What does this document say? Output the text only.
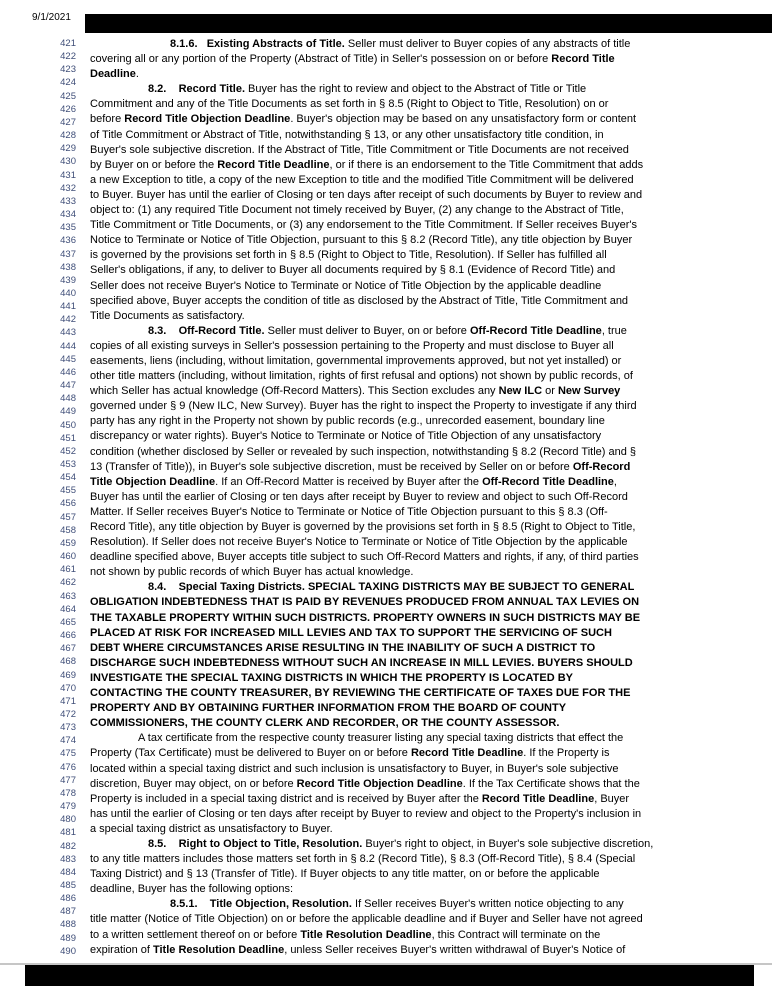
9/1/2021
421
422
423
424
425
426
427
428
429
430
431
432
433
434
435
436
437
438
439
440
441
442
443
444
445
446
447
448
449
450
451
452
453
454
455
456
457
458
459
460
461
462
463
464
465
466
467
468
469
470
471
472
473
474
475
476
477
478
479
480
481
482
483
484
485
486
487
488
489
490
8.1.6.   Existing Abstracts of Title. Seller must deliver to Buyer copies of any abstracts of title
covering all or any portion of the Property (Abstract of Title) in Seller's possession on or before Record Title
Deadline.
8.2.    Record Title. Buyer has the right to review and object to the Abstract of Title or Title
Commitment and any of the Title Documents as set forth in § 8.5 (Right to Object to Title, Resolution) on or
before Record Title Objection Deadline. Buyer's objection may be based on any unsatisfactory form or content
of Title Commitment or Abstract of Title, notwithstanding § 13, or any other unsatisfactory title condition, in
Buyer's sole subjective discretion. If the Abstract of Title, Title Commitment or Title Documents are not received
by Buyer on or before the Record Title Deadline, or if there is an endorsement to the Title Commitment that adds
a new Exception to title, a copy of the new Exception to title and the modified Title Commitment will be delivered
to Buyer. Buyer has until the earlier of Closing or ten days after receipt of such documents by Buyer to review and
object to: (1) any required Title Document not timely received by Buyer, (2) any change to the Abstract of Title,
Title Commitment or Title Documents, or (3) any endorsement to the Title Commitment. If Seller receives Buyer's
Notice to Terminate or Notice of Title Objection, pursuant to this § 8.2 (Record Title), any title objection by Buyer
is governed by the provisions set forth in § 8.5 (Right to Object to Title, Resolution). If Seller has fulfilled all
Seller's obligations, if any, to deliver to Buyer all documents required by § 8.1 (Evidence of Record Title) and
Seller does not receive Buyer's Notice to Terminate or Notice of Title Objection by the applicable deadline
specified above, Buyer accepts the condition of title as disclosed by the Abstract of Title, Title Commitment and
Title Documents as satisfactory.
8.3.    Off-Record Title. Seller must deliver to Buyer, on or before Off-Record Title Deadline, true
copies of all existing surveys in Seller's possession pertaining to the Property and must disclose to Buyer all
easements, liens (including, without limitation, governmental improvements approved, but not yet installed) or
other title matters (including, without limitation, rights of first refusal and options) not shown by public records, of
which Seller has actual knowledge (Off-Record Matters). This Section excludes any New ILC or New Survey
governed under § 9 (New ILC, New Survey). Buyer has the right to inspect the Property to investigate if any third
party has any right in the Property not shown by public records (e.g., unrecorded easement, boundary line
discrepancy or water rights). Buyer's Notice to Terminate or Notice of Title Objection of any unsatisfactory
condition (whether disclosed by Seller or revealed by such inspection, notwithstanding § 8.2 (Record Title) and §
13 (Transfer of Title)), in Buyer's sole subjective discretion, must be received by Seller on or before Off-Record
Title Objection Deadline. If an Off-Record Matter is received by Buyer after the Off-Record Title Deadline,
Buyer has until the earlier of Closing or ten days after receipt by Buyer to review and object to such Off-Record
Matter. If Seller receives Buyer's Notice to Terminate or Notice of Title Objection pursuant to this § 8.3 (Off-
Record Title), any title objection by Buyer is governed by the provisions set forth in § 8.5 (Right to Object to Title,
Resolution). If Seller does not receive Buyer's Notice to Terminate or Notice of Title Objection by the applicable
deadline specified above, Buyer accepts title subject to such Off-Record Matters and rights, if any, of third parties
not shown by public records of which Buyer has actual knowledge.
8.4.    Special Taxing Districts. SPECIAL TAXING DISTRICTS MAY BE SUBJECT TO GENERAL
OBLIGATION INDEBTEDNESS THAT IS PAID BY REVENUES PRODUCED FROM ANNUAL TAX LEVIES ON
THE TAXABLE PROPERTY WITHIN SUCH DISTRICTS. PROPERTY OWNERS IN SUCH DISTRICTS MAY BE
PLACED AT RISK FOR INCREASED MILL LEVIES AND TAX TO SUPPORT THE SERVICING OF SUCH
DEBT WHERE CIRCUMSTANCES ARISE RESULTING IN THE INABILITY OF SUCH A DISTRICT TO
DISCHARGE SUCH INDEBTEDNESS WITHOUT SUCH AN INCREASE IN MILL LEVIES. BUYERS SHOULD
INVESTIGATE THE SPECIAL TAXING DISTRICTS IN WHICH THE PROPERTY IS LOCATED BY
CONTACTING THE COUNTY TREASURER, BY REVIEWING THE CERTIFICATE OF TAXES DUE FOR THE
PROPERTY AND BY OBTAINING FURTHER INFORMATION FROM THE BOARD OF COUNTY
COMMISSIONERS, THE COUNTY CLERK AND RECORDER, OR THE COUNTY ASSESSOR.
A tax certificate from the respective county treasurer listing any special taxing districts that effect the
Property (Tax Certificate) must be delivered to Buyer on or before Record Title Deadline. If the Property is
located within a special taxing district and such inclusion is unsatisfactory to Buyer, in Buyer's sole subjective
discretion, Buyer may object, on or before Record Title Objection Deadline. If the Tax Certificate shows that the
Property is included in a special taxing district and is received by Buyer after the Record Title Deadline, Buyer
has until the earlier of Closing or ten days after receipt by Buyer to review and object to the Property's inclusion in
a special taxing district as unsatisfactory to Buyer.
8.5.    Right to Object to Title, Resolution. Buyer's right to object, in Buyer's sole subjective discretion,
to any title matters includes those matters set forth in § 8.2 (Record Title), § 8.3 (Off-Record Title), § 8.4 (Special
Taxing District) and § 13 (Transfer of Title). If Buyer objects to any title matter, on or before the applicable
deadline, Buyer has the following options:
8.5.1.    Title Objection, Resolution. If Seller receives Buyer's written notice objecting to any
title matter (Notice of Title Objection) on or before the applicable deadline and if Buyer and Seller have not agreed
to a written settlement thereof on or before Title Resolution Deadline, this Contract will terminate on the
expiration of Title Resolution Deadline, unless Seller receives Buyer's written withdrawal of Buyer's Notice of
